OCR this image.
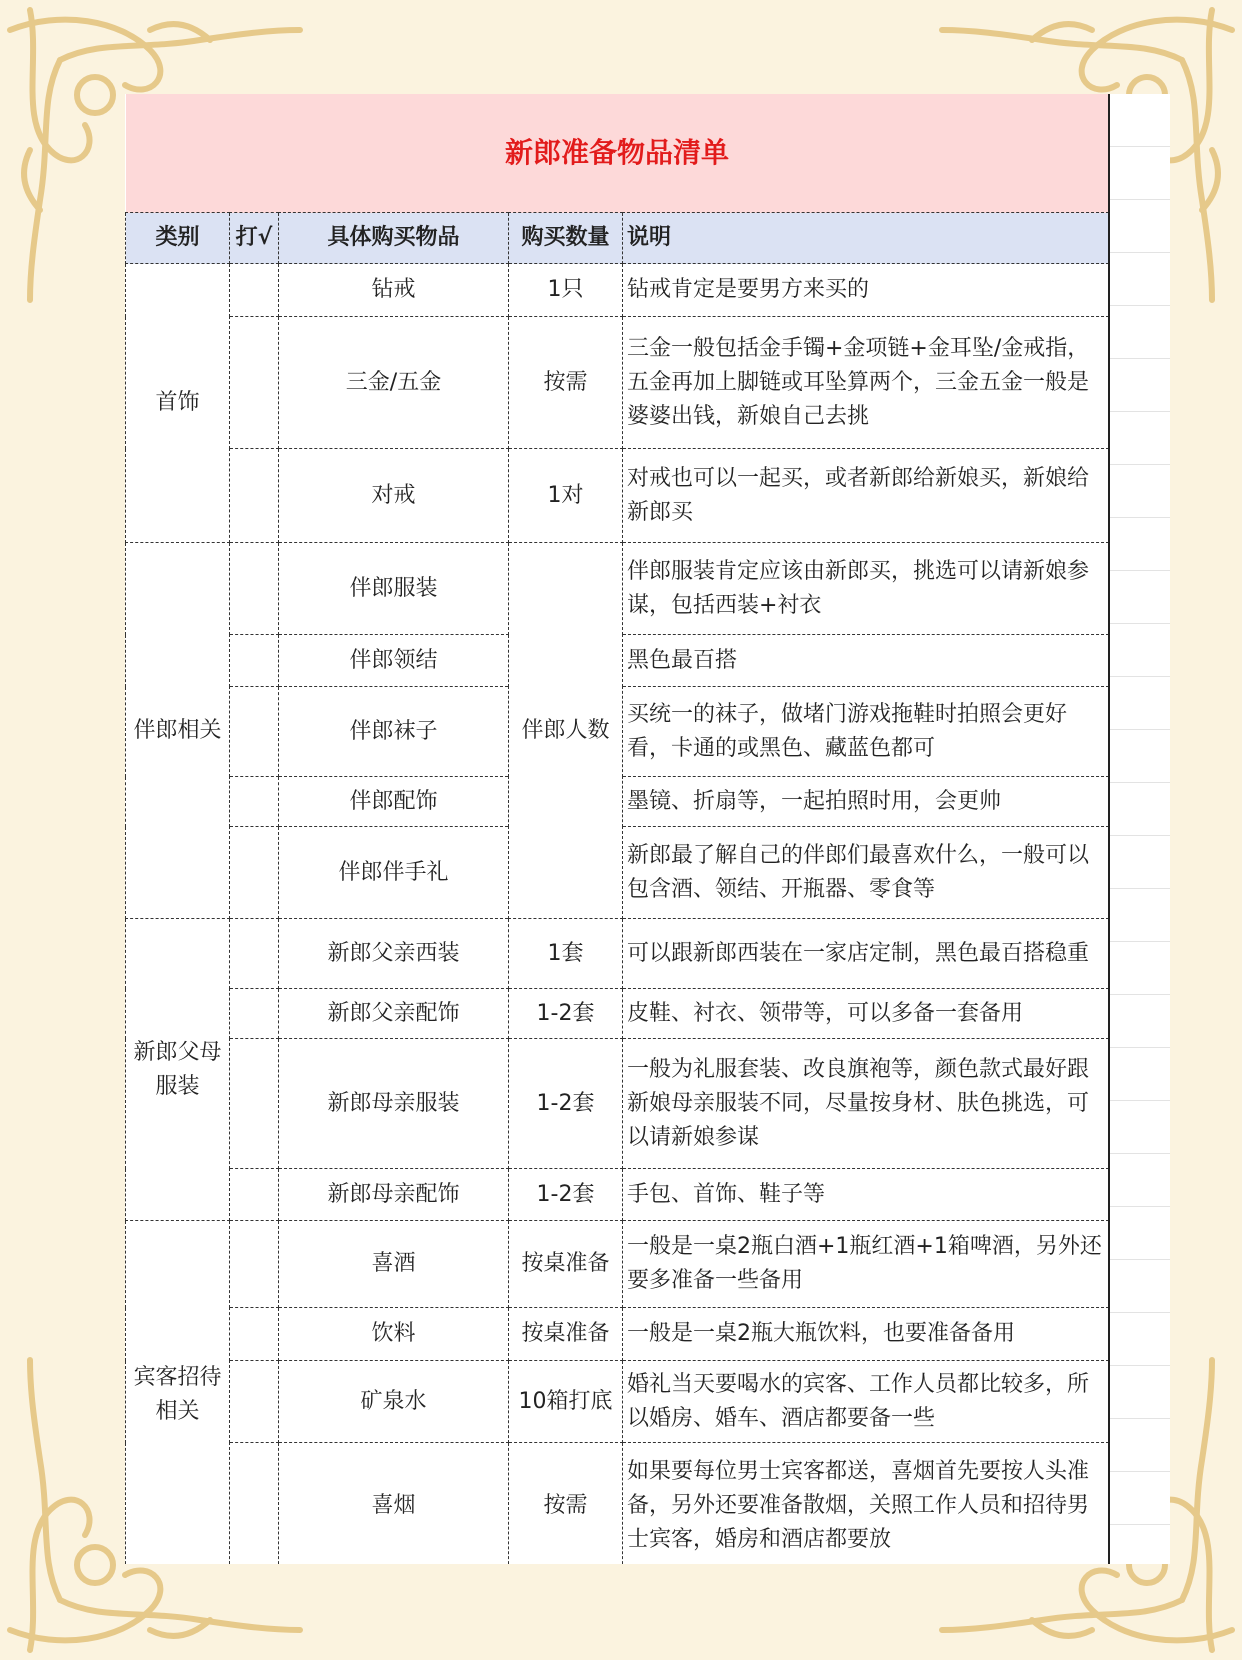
新郎准备物品清单				
类别	打√	具体购买物品	购买数量	说明
首饰		钻戒	1只	钻戒肯定是要男方来买的
		三金/五金	按需	三金一般包括金手镯+金项链+金耳坠/金戒指，五金再加上脚链或耳坠算两个，三金五金一般是婆婆出钱，新娘自己去挑
		对戒	1对	对戒也可以一起买，或者新郎给新娘买，新娘给新郎买
伴郎相关		伴郎服装	伴郎人数	伴郎服装肯定应该由新郎买，挑选可以请新娘参谋，包括西装+衬衣
		伴郎领结		黑色最百搭
		伴郎袜子		买统一的袜子，做堵门游戏拖鞋时拍照会更好看，卡通的或黑色、藏蓝色都可
		伴郎配饰		墨镜、折扇等，一起拍照时用，会更帅
		伴郎伴手礼		新郎最了解自己的伴郎们最喜欢什么，一般可以包含酒、领结、开瓶器、零食等
新郎父母服装		新郎父亲西装	1套	可以跟新郎西装在一家店定制，黑色最百搭稳重
		新郎父亲配饰	1-2套	皮鞋、衬衣、领带等，可以多备一套备用
		新郎母亲服装	1-2套	一般为礼服套装、改良旗袍等，颜色款式最好跟新娘母亲服装不同，尽量按身材、肤色挑选，可以请新娘参谋
		新郎母亲配饰	1-2套	手包、首饰、鞋子等
宾客招待相关		喜酒	按桌准备	一般是一桌2瓶白酒+1瓶红酒+1箱啤酒，另外还要多准备一些备用
		饮料	按桌准备	一般是一桌2瓶大瓶饮料，也要准备备用
		矿泉水	10箱打底	婚礼当天要喝水的宾客、工作人员都比较多，所以婚房、婚车、酒店都要备一些
		喜烟	按需	如果要每位男士宾客都送，喜烟首先要按人头准备，另外还要准备散烟，关照工作人员和招待男士宾客，婚房和酒店都要放
